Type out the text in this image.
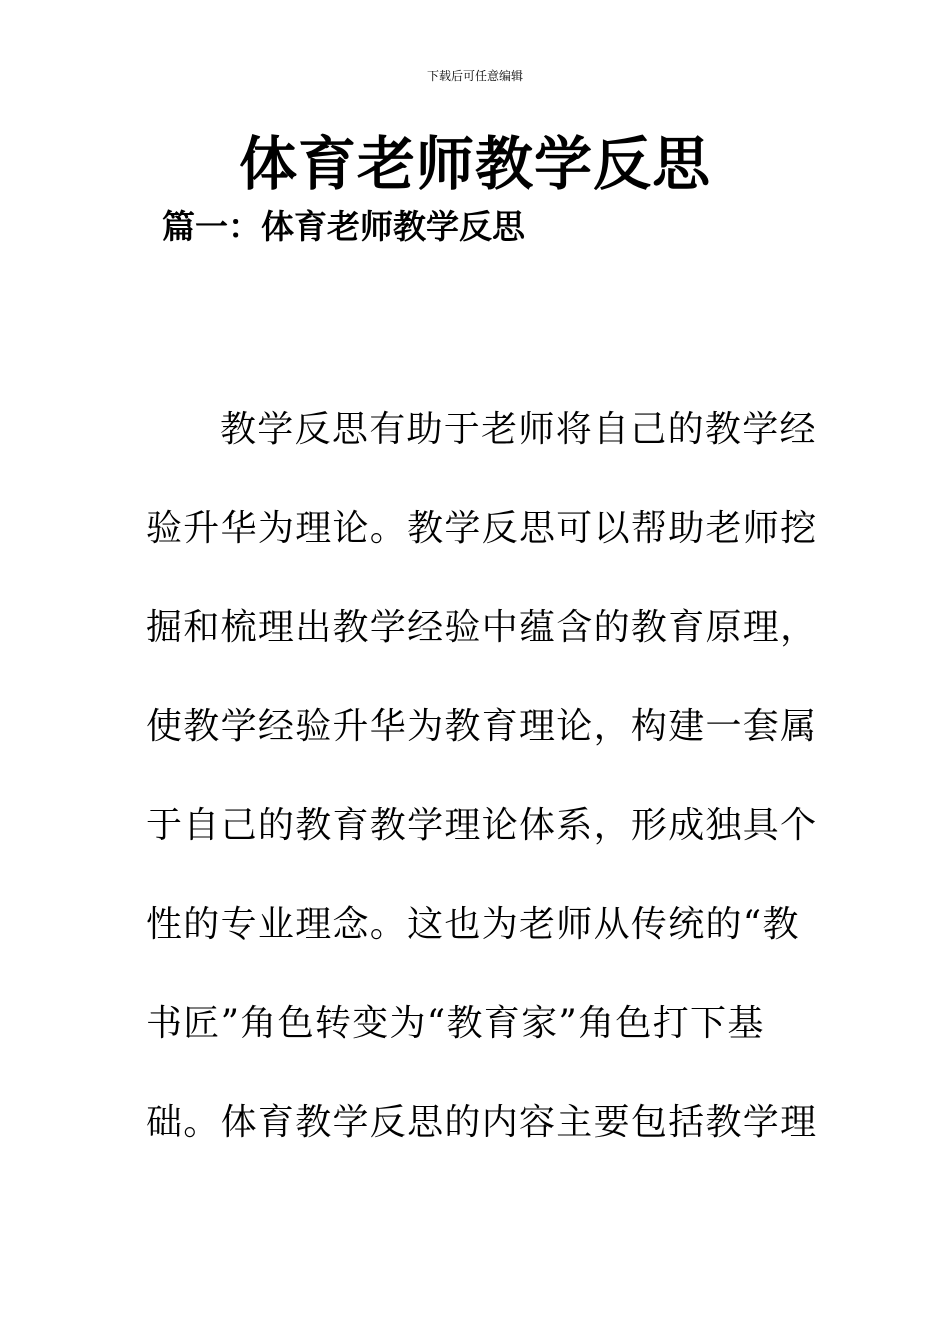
下载后可任意编辑
体育老师教学反思
篇一：体育老师教学反思
教学反思有助于老师将自己的教学经
验升华为理论。教学反思可以帮助老师挖
掘和梳理出教学经验中蕴含的教育原理，
使教学经验升华为教育理论，构建一套属
于自己的教育教学理论体系，形成独具个
性的专业理念。这也为老师从传统的“教
书匠”角色转变为“教育家”角色打下基
础。体育教学反思的内容主要包括教学理
